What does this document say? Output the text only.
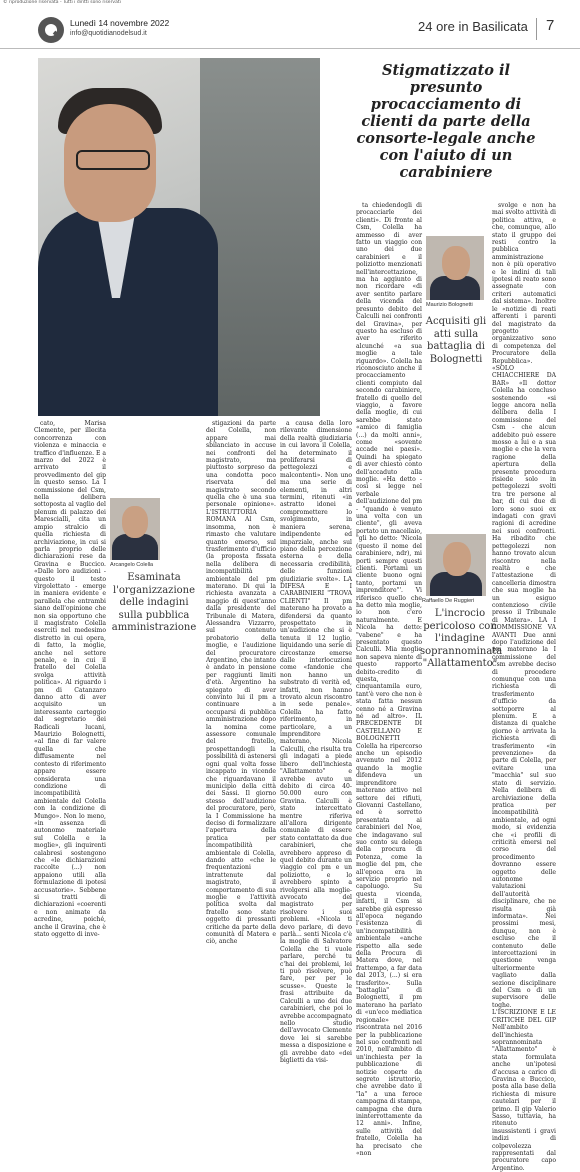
© riproduzione riservata - Tutti i diritti sono riservati
Lunedì 14 novembre 2022
info@quotidianodelsud.it	24 ore in Basilicata 7
Stigmatizzato il presunto procacciamento di clienti da parte della consorte-legale anche con l'aiuto di un carabiniere

cato, Marisa Clemente, per illecita concorrenza con violenza e minaccia e traffico d'influenze. E a marzo del 2022 è arrivato il provvedimento del gip in questo senso. La I commissione del Csm, nella delibera sottoposta al vaglio del plenum di palazzo dei Marescialli, cita un ampio stralcio di quella richiesta di archiviazione, in cui si parla proprio delle dichiarazioni rese da Gravina e Buccico. «Dalle loro audizioni - questo il testo virgolettato - emerge in maniera evidente e parallela che entrambi siano dell'opinione che non sia opportuno che il magistrato Colella eserciti nel medesimo distretto in cui opera, di fatto, la moglie, anche nel settore penale, e in cui il fratello del Colella svolga attività politica». Al riguardo i pm di Catanzaro danno atto di aver acquisito un interessante carteggio dal segretario dei Radicali lucani, Maurizio Bolognetti, «al fine di far valere quella che diffusamente nel contesto di riferimento appare essere considerata una condizione di incompatibilità ambientale del Colella con la condizione di Mungo». Non lo meno, «in assenza di autonomo materiale sul Colella e la moglie», gli inquirenti calabresi sostengono che «le dichiarazioni raccolte (...) non appaiono utili alla formulazione di ipotesi accusatorie». Sebbene si tratti di dichiarazioni «coerenti e non animate da acredine, poiché, anche il Gravina, che è stato oggetto di inve-

Arcangelo Colella
Esaminata l'organizzazione delle indagini sulla pubblica amministrazione

stigazioni da parte del Colella, non appare mai sbilanciato in accuse nei confronti del magistrato, ma piuttosto sorpreso da una condotta poco riservata del magistrato secondo quella che è una sua personale opinione». L'ISTRUTTORIA ROMANA Al Csm, insomma, non è rimasto che valutare quanto emerso, sul trasferimento d'ufficio (la proposta fissata nella delibera di incompatibilità ambientale del pm materano. Di qui la richiesta avanzata a maggio di quest'anno dalla presidente del Tribunale di Matera, Alessandra Vizzarro, sul contenuto probatorio della moglie, e l'audizione del procuratore Argentino, che intanto è andato in pensione per raggiunti limiti d'età. Argentino ha spiegato di aver convinto lui il pm a continuare a occuparsi di pubblica amministrazione dopo la nomina come assessore comunale del fratello, prospettandogli la possibilità di astenersi ogni qual volta fosse incappato in vicende che riguardavano il municipio della città dei Sassi. Il giorno stesso dell'audizione del procuratore, però, la I Commissione ha deciso di formalizzare l'apertura della pratica per incompatibilità ambientale di Colella, dando atto «che le frequentazioni intrattenute dal magistrato, il comportamento di sua moglie e l'attività politica svolta dal fratello sono state oggetto di pressanti critiche da parte della comunità di Matera e ciò, anche

a causa della loro rilevante dimensione della realtà giudiziaria in cui lavora il Colella, ha determinato il proliferarsi di pettegolezzi e malcontenti». Non uno ma una serie di elementi, in altri termini, ritenuti «in astratto idonei a compromettere lo svolgimento, in maniera serena, indipendente ed imparziale, anche sul piano della percezione esterna e della necessaria credibilità, delle funzioni giudiziarie svolte». LA DIFESA E I CARABINIERI "TROVA CLIENTI" Il pm materano ha provato a difendersi da quanto prospettato in un'audizione che si è tenuta il 12 luglio, liquidando una serie di circostanze emerse dalle interlocuzioni come «fandonie che non hanno un substrato di verità ed, infatti, non hanno trovato alcun riscontro in sede penale». Colella ha fatto riferimento, in particolare, a un imprenditore materano, Nicola Calculli, che risulta tra gli indagati a piede libero dell'inchiesta "Allattamento" e avrebbe avuto un debito di circa 40-50.000 euro con Gravina. Calculli è stato intercettato mentre riferiva all'allora dirigente comunale di essere stato contattato da due carabinieri, che avrebbero appreso di quel debito durante un viaggio col pm e un poliziotto, e lo avrebbero spinto a rivolgersi alla moglie-avvocato del magistrato per risolvere i suoi problemi. «Nicola ti devo parlare, di devo parlà... senti Nicola c'è la moglie di Salvatore Colella che ti vuole parlare, perché tu c'hai dei problemi, lei ti può risolvere, può fare, per per le scusse». Queste le frasi attribuite da Calculli a uno dei due carabinieri, che poi lo avrebbe accompagnato nello studio dell'avvocato Clemente dove lei si sarebbe messa a disposizione e gli avrebbe dato «dei biglietti da visi-

ta chiedendogli di procacciarle dei clienti». Di fronte al Csm, Colella ha ammesso di aver fatto un viaggio con uno dei due carabinieri e il poliziotto menzionati nell'intercettazione, ma ha aggiunto di non ricordare «di aver sentito parlare della vicenda del presunto debito del Calculli nei confronti del Gravina», per questo ha escluso di aver riferito alcunché «a sua moglie a tale riguardo». Colella ha riconosciuto anche il procacciamento clienti compiuto dal secondo carabiniere, fratello di quello del viaggio, a favore della moglie, di cui sarebbe stato «amico di famiglia (...) da molti anni», come «sovente accade nei paesi». Quindi ha spiegato di aver chiesto conto dell'accaduto alla moglie. «Ha detto - così si legge nel verbale dell'audizione del pm - "quando è venuto una volta con un cliente", gli aveva portato un macellaio, "gli ho detto: 'Nicola (questo il nome del carabiniere, ndr), mi porti sempre questi clienti. Portami un cliente buono ogni tanto, portami un imprenditore"'. Vi riferisco quello che ha detto mia moglie, io non c'ero naturalmente. E Nicola ha detto: "vabene" e ha presentato questo Calculli. Mia moglie non sapeva niente di questo rapporto debito-credito di questa, cinquantamila euro, tant'è vero che non è stata fatta nessun cenno né a Gravina né ad altro». IL PRECEDENTE DI CASTELLANO E BOLOGNETTI Colella ha ripercorso anche un episodio avvenuto nel 2012 quando la moglie difendeva un imprenditore materano attivo nel settore dei rifiuti, Giovanni Castellano, ed è sorretto presentata ai carabinieri del Noe, che indagavano sul suo conto su delega della procura di Potenza, come la moglie del pm, che all'epoca era in servizio proprio nel capoluogo. Su questa vicenda, infatti, il Csm si sarebbe già espresso all'epoca negando l'esistenza di un'incompatibilità ambientale «anche rispetto alla sede della Procura di Matera dove, nel frattempo, a far data dal 2013, (...) si era trasferito». Sulla "battaglia" di Bolognetti, il pm materano ha parlato di «un'eco mediatica regionale» riscontrata nel 2016 per la pubblicazione nel suo confronti nel 2010, nell'ambito di un'inchiesta per la pubblicazione di notizie coperte da segreto istruttorio, che avrebbe dato il "la" a una feroce campagna di stampa, campagna che dura ininterrottamente da 12 anni». Infine, sulle attività del fratello, Colella ha ha precisato che «non

Maurizio Bolognetti
Acquisiti gli atti sulla battaglia di Bolognetti
Raffaello De Ruggieri
L'incrocio pericoloso con l'indagine soprannominata "Allattamento"

svolge e non ha mai svolto attività di politica attiva, e che, comunque, allo stato il gruppo dei resti contro la pubblica amministrazione non è più operativo e le indini di tali ipotesi di reato sono assegnate con criteri automatici dal sistema». Inoltre le «notizie di reati afferenti i parenti del magistrato da progetto organizzativo sono di competenza del Procuratore della Repubblica». «SOLO CHIACCHIERE DA BAR» «Il dottor Colella ha concluso sostenendo «si legge ancora nella delibera della I commissione del Csm - che alcun addebito può essere mosso a lui e a sua moglie e che la vera ragione della apertura della presente procedura risiede solo in pettegolezzi svolti tra tre persone al bar, di cui due di loro sono suoi ex indagati con gravi ragioni di acredine nei suoi confronti. Ha ribadito che pettegolezzi non hanno trovato alcun riscontro nella realtà e che l'attestazione di cancelleria dimostra che sua moglie ha un esiguo contenzioso civile presso il Tribunale di Matera». LA I COMMISSIONE VA AVANTI Due anni dopo l'audizione del pm materano la I commissione del Csm avrebbe deciso di procedere comunque con una richiesta di trasferimento d'ufficio da sottoporre al plenum. E a distanza di qualche giorno è arrivata la richiesta di trasferimento «in prevenzione» da parte di Colella, per evitare una "macchia" sul suo stato di servizio. Nella delibera di archiviazione della pratica per incompatibilità ambientale, ad ogni modo, si evidenzia che «i profili di criticità emersi nel corso del procedimento dovranno essere oggetto delle autonome valutazioni dell'autorità disciplinare, che ne risulta già informata». Nei prossimi mesi, dunque, non è escluso che il contenuto delle intercettazioni in questione venga ulteriormente vagliato dalla sezione disciplinare del Csm o di un supervisore delle toghe. L'ISCRIZIONE E LE CRITICHE DEL GIP Nell'ambito dell'inchiesta soprannominata "Allattamento" è stata formulata anche un'ipotesi d'accusa a carico di Gravina e Buccico, posta alla base della richiesta di misure cautelari per il primo. Il gip Valerio Sasso, tuttavia, ha ritenuto insussistenti i gravi indizi di colpevolezza rappresentati dal procuratore capo Argentino.
